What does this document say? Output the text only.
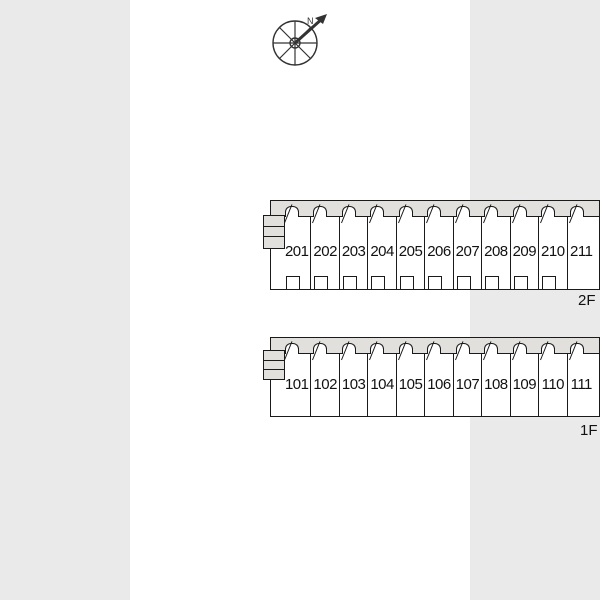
N
201 202 203 204 205 206 207 208 209 210 211
2F
101 102 103 104 105 106 107 108 109 110 111
1F
